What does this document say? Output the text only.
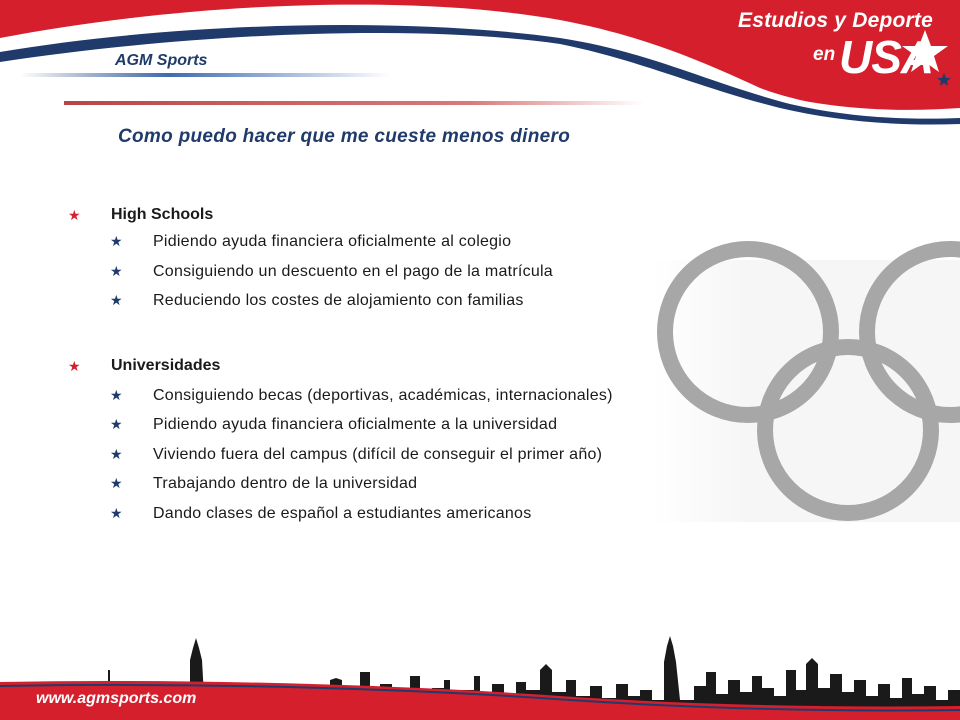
AGM Sports
Estudios y Deporte
en USA
Como puedo hacer que me cueste menos dinero
★ High Schools
★ Pidiendo ayuda financiera oficialmente al colegio
★ Consiguiendo un descuento en el pago de la matrícula
★ Reduciendo los costes de alojamiento con familias
★ Universidades
★ Consiguiendo becas (deportivas, académicas, internacionales)
★ Pidiendo ayuda financiera oficialmente a la universidad
★ Viviendo fuera del campus (difícil de conseguir el primer año)
★ Trabajando dentro de la universidad
★ Dando clases de español a estudiantes americanos
www.agmsports.com
